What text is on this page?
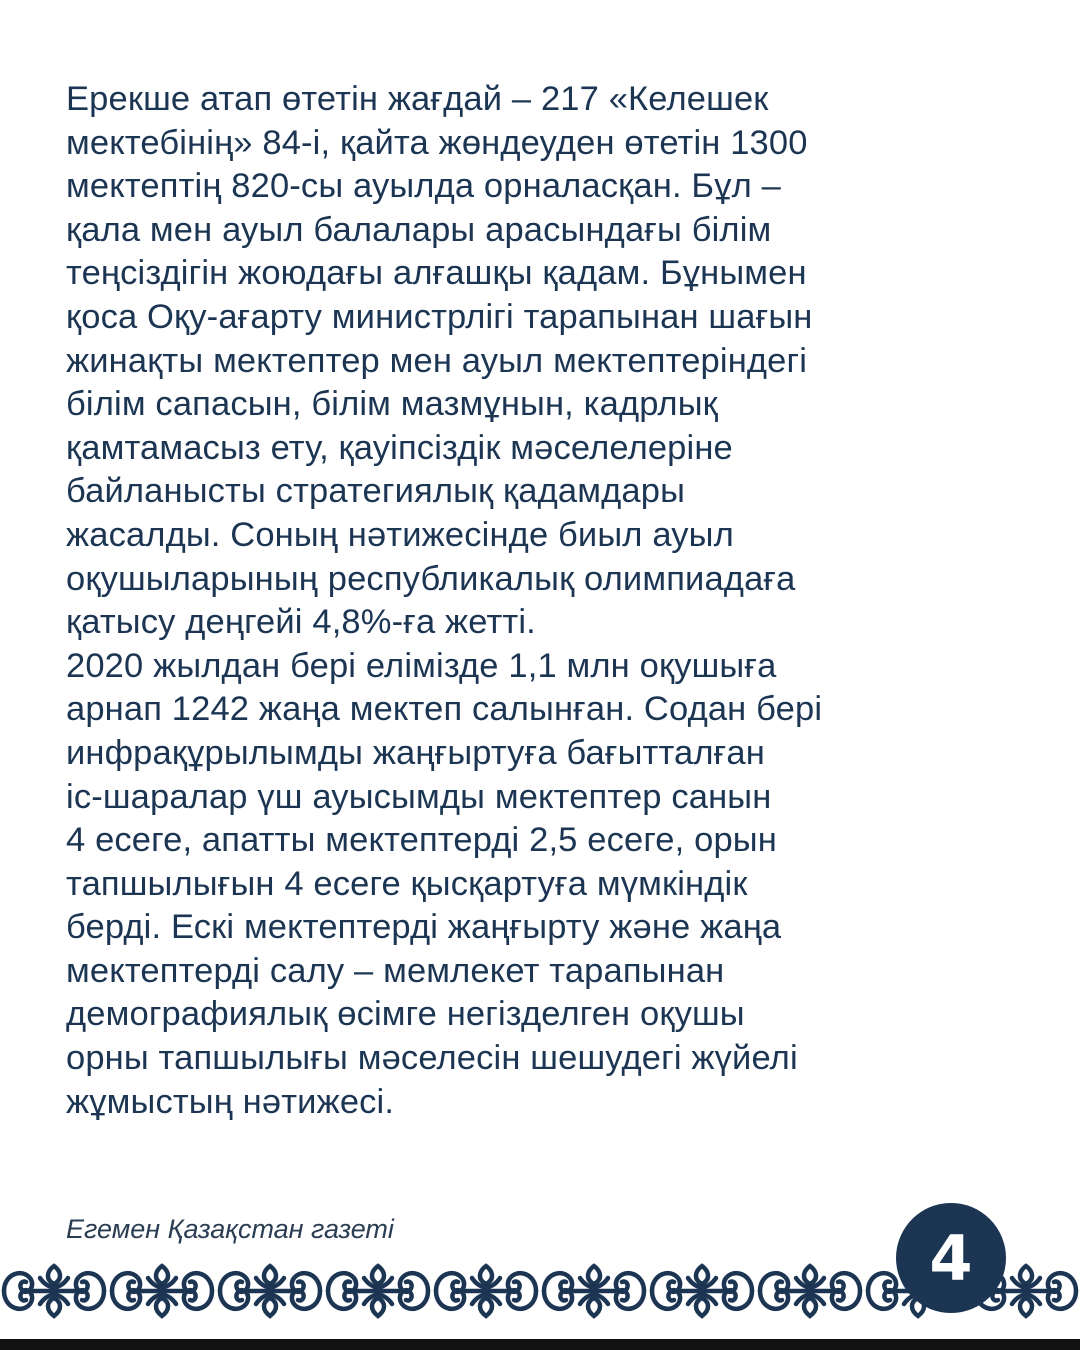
Ерекше атап өтетін жағдай – 217 «Келешек
мектебінің» 84-і, қайта жөндеуден өтетін 1300
мектептің 820-сы ауылда орналасқан. Бұл –
қала мен ауыл балалары арасындағы білім
теңсіздігін жоюдағы алғашқы қадам. Бұнымен
қоса Оқу-ағарту министрлігі тарапынан шағын
жинақты мектептер мен ауыл мектептеріндегі
білім сапасын, білім мазмұнын, кадрлық
қамтамасыз ету, қауіпсіздік мәселелеріне
байланысты стратегиялық қадамдары
жасалды. Соның нәтижесінде биыл ауыл
оқушыларының республикалық олимпиадаға
қатысу деңгейі 4,8%-ға жетті.
2020 жылдан бері елімізде 1,1 млн оқушыға
арнап 1242 жаңа мектеп салынған. Содан бері
инфрақұрылымды жаңғыртуға бағытталған
іс-шаралар үш ауысымды мектептер санын
4 есеге, апатты мектептерді 2,5 есеге, орын
тапшылығын 4 есеге қысқартуға мүмкіндік
берді. Ескі мектептерді жаңғырту және жаңа
мектептерді салу – мемлекет тарапынан
демографиялық өсімге негізделген оқушы
орны тапшылығы мәселесін шешудегі жүйелі
жұмыстың нәтижесі.

Егемен Қазақстан газеті	4
